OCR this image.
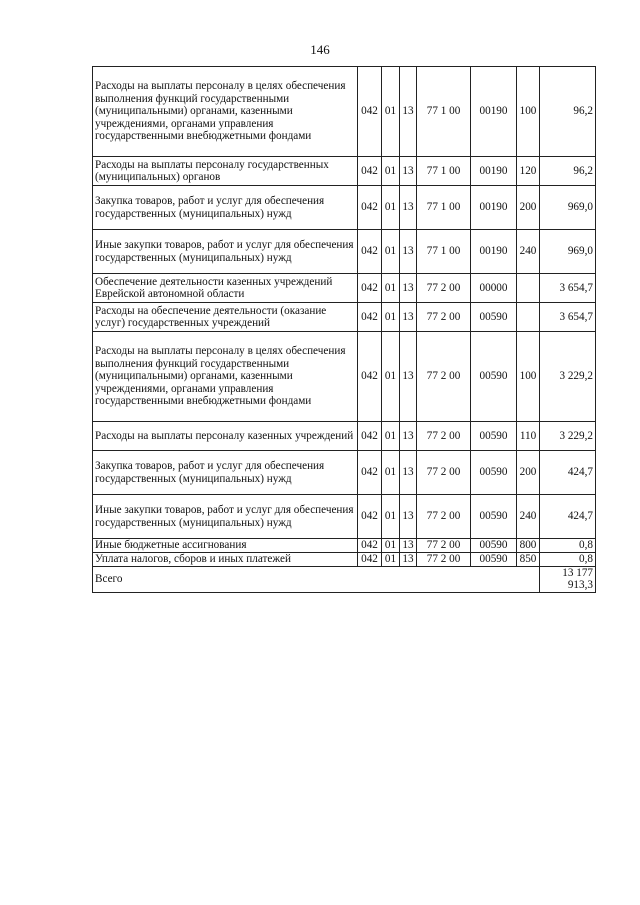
146
Расходы на выплаты персоналу в целях обеспечения выполнения функций государственными (муниципальными) органами, казенными учреждениями, органами управления государственными внебюджетными фондами	042	01	13	77 1 00	00190	100	96,2
Расходы на выплаты персоналу государственных (муниципальных) органов	042	01	13	77 1 00	00190	120	96,2
Закупка товаров, работ и услуг для обеспечения государственных (муниципальных) нужд	042	01	13	77 1 00	00190	200	969,0
Иные закупки товаров, работ и услуг для обеспечения государственных (муниципальных) нужд	042	01	13	77 1 00	00190	240	969,0
Обеспечение деятельности казенных учреждений Еврейской автономной области	042	01	13	77 2 00	00000		3 654,7
Расходы на обеспечение деятельности (оказание услуг) государственных учреждений	042	01	13	77 2 00	00590		3 654,7
Расходы на выплаты персоналу в целях обеспечения выполнения функций государственными (муниципальными) органами, казенными учреждениями, органами управления государственными внебюджетными фондами	042	01	13	77 2 00	00590	100	3 229,2
Расходы на выплаты персоналу казенных учреждений	042	01	13	77 2 00	00590	110	3 229,2
Закупка товаров, работ и услуг для обеспечения государственных (муниципальных) нужд	042	01	13	77 2 00	00590	200	424,7
Иные закупки товаров, работ и услуг для обеспечения государственных (муниципальных) нужд	042	01	13	77 2 00	00590	240	424,7
Иные бюджетные ассигнования	042	01	13	77 2 00	00590	800	0,8
Уплата налогов, сборов и иных платежей	042	01	13	77 2 00	00590	850	0,8
Всего							13 177 913,3
